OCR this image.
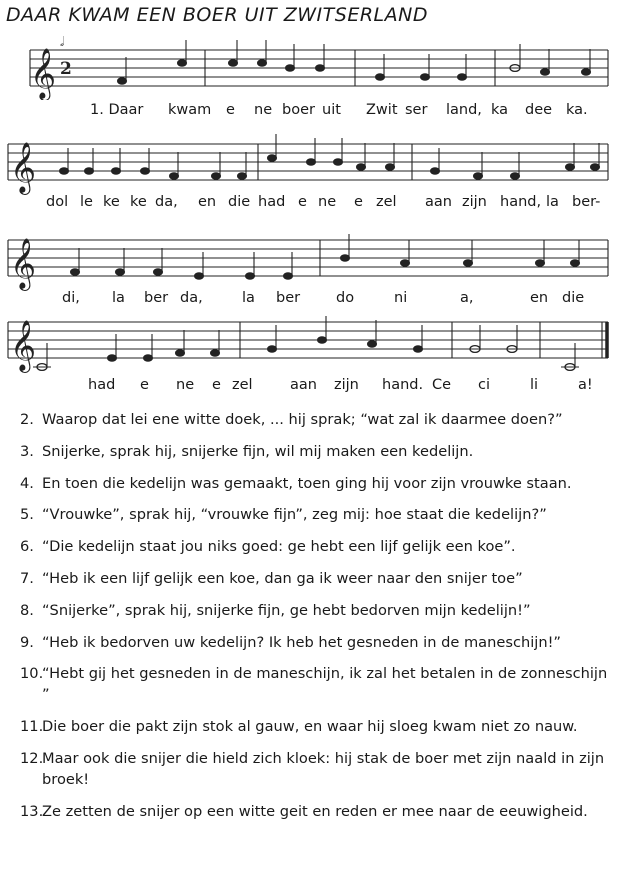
DAAR KWAM EEN BOER UIT ZWITSERLAND
𝄞 2
𝅗𝅥
1. Daar kwam e ne boer uit Zwit ser land, ka dee ka.
𝄞
dol le ke ke da, en die had e ne e zel aan zijn hand, la ber-
𝄞
di, la ber da,	la ber do	ni	a,	en die
𝄞
had e ne e zel	aan zijn hand. Ce ci	li	a!
2. Waarop dat lei ene witte doek, ... hij sprak; “wat zal ik daarmee doen?”
3. Snijerke, sprak hij, snijerke fijn, wil mij maken een kedelijn.
4. En toen die kedelijn was gemaakt, toen ging hij voor zijn vrouwke staan.
5. “Vrouwke”, sprak hij, “vrouwke fijn”, zeg mij: hoe staat die kedelijn?”
6. “Die kedelijn staat jou niks goed: ge hebt een lijf gelijk een koe”.
7. “Heb ik een lijf gelijk een koe, dan ga ik weer naar den snijer toe”
8. “Snijerke”, sprak hij, snijerke fijn, ge hebt bedorven mijn kedelijn!”
9. “Heb ik bedorven uw kedelijn? Ik heb het gesneden in de maneschijn!”
10.
“Hebt gij het gesneden in de maneschijn, ik zal het betalen in de zonneschijn ”
11.
Die boer die pakt zijn stok al gauw, en waar hij sloeg kwam niet zo nauw.
12.
Maar ook die snijer die hield zich kloek: hij stak de boer met zijn naald in zijn broek!
13.
Ze zetten de snijer op een witte geit en reden er mee naar de eeuwigheid.
